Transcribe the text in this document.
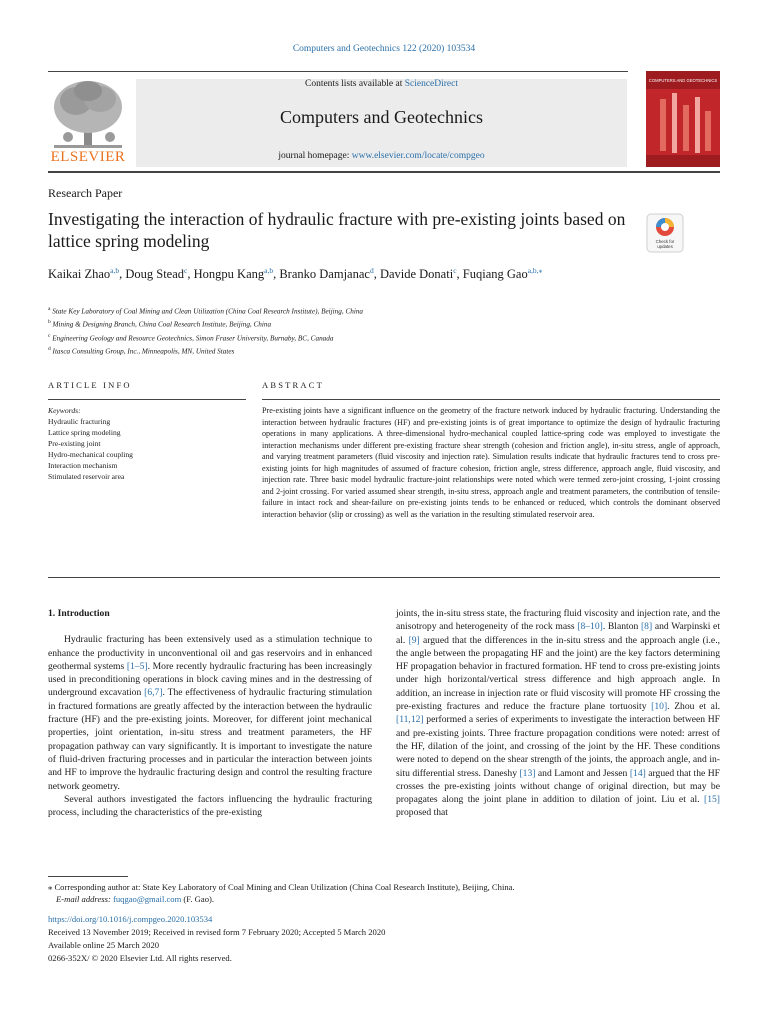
Computers and Geotechnics 122 (2020) 103534
ELSEVIER
Contents lists available at ScienceDirect
Computers and Geotechnics
journal homepage: www.elsevier.com/locate/compgeo
COMPUTERS AND GEOTECHNICS
Research Paper
Investigating the interaction of hydraulic fracture with pre-existing joints based on lattice spring modeling	Check for
updates
Kaikai Zhao$^{a,b}$, Doug Stead$^c$, Hongpu Kang$^{a,b}$, Branko Damjanac$^d$, Davide Donati$^c$, Fuqiang Gao$^{a,b,⁎}$
$^a$ State Key Laboratory of Coal Mining and Clean Utilization (China Coal Research Institute), Beijing, China
$^b$ Mining & Designing Branch, China Coal Research Institute, Beijing, China
$^c$ Engineering Geology and Resource Geotechnics, Simon Fraser University, Burnaby, BC, Canada
$^d$ Itasca Consulting Group, Inc., Minneapolis, MN, United States
ARTICLE INFO	ABSTRACT
Keywords:
Hydraulic fracturing
Lattice spring modeling
Pre-existing joint
Hydro-mechanical coupling
Interaction mechanism
Stimulated reservoir area
Pre-existing joints have a significant influence on the geometry of the fracture network induced by hydraulic fracturing. Understanding the interaction between hydraulic fractures (HF) and pre-existing joints is of great importance to optimize the design of hydraulic fracturing operations in many applications. A three-dimensional hydro-mechanical coupled lattice-spring code was employed to investigate the interaction mechanisms under different pre-existing fracture shear strength (cohesion and friction angle), in-situ stress, angle of approach, and varying treatment parameters (fluid viscosity and injection rate). Simulation results indicate that hydraulic fractures tend to cross pre-existing joints for high magnitudes of assumed of fracture cohesion, friction angle, stress difference, approach angle, fluid viscosity, and injection rate. Three basic model hydraulic fracture-joint relationships were noted which were termed zero-joint crossing, 1-joint crossing and 2-joint crossing. For varied assumed shear strength, in-situ stress, approach angle and treatment parameters, the contribution of tensile-failure in intact rock and shear-failure on pre-existing joints tends to be enhanced or reduced, which controls the dominant observed interaction behavior (slip or crossing) as well as the variation in the resulting stimulated reservoir area.
1. Introduction

Hydraulic fracturing has been extensively used as a stimulation technique to enhance the productivity in unconventional oil and gas reservoirs and in enhanced geothermal systems [1–5]. More recently hydraulic fracturing has been increasingly used in preconditioning operations in block caving mines and in the destressing of underground excavation [6,7]. The effectiveness of hydraulic fracturing stimulation in fractured formations are greatly affected by the interaction between the hydraulic fracture (HF) and the pre-existing joints. Moreover, for different joint mechanical properties, joint orientation, in-situ stress and treatment parameters, the HF propagation pathway can vary significantly. It is important to investigate the nature of fluid-driven fracturing processes and in particular the interaction between joints and HF to improve the hydraulic fracturing design and control the resulting fracture network geometry.

Several authors investigated the factors influencing the hydraulic fracturing process, including the characteristics of the pre-existing

joints, the in-situ stress state, the fracturing fluid viscosity and injection rate, and the anisotropy and heterogeneity of the rock mass [8–10]. Blanton [8] and Warpinski et al. [9] argued that the differences in the in-situ stress and the approach angle (i.e., the angle between the propagating HF and the joint) are the key factors determining HF propagation behavior in fractured formation. HF tend to cross pre-existing joints under high horizontal/vertical stress difference and high approach angle. In addition, an increase in injection rate or fluid viscosity will promote HF crossing the pre-existing fractures and reduce the fracture plane tortuosity [10]. Zhou et al. [11,12] performed a series of experiments to investigate the interaction between HF and pre-existing joints. Three fracture propagation conditions were noted: arrest of the HF, dilation of the joint, and crossing of the joint by the HF. These conditions were noted to depend on the shear strength of the joints, the approach angle, and in-situ differential stress. Daneshy [13] and Lamont and Jessen [14] argued that the HF crosses the pre-existing joints without change of original direction, but may be propagates along the joint plane in addition to dilation of joint. Liu et al. [15] proposed that

⁎ Corresponding author at: State Key Laboratory of Coal Mining and Clean Utilization (China Coal Research Institute), Beijing, China.
E-mail address: fuqgao@gmail.com (F. Gao).
https://doi.org/10.1016/j.compgeo.2020.103534
Received 13 November 2019; Received in revised form 7 February 2020; Accepted 5 March 2020
Available online 25 March 2020
0266-352X/ © 2020 Elsevier Ltd. All rights reserved.
